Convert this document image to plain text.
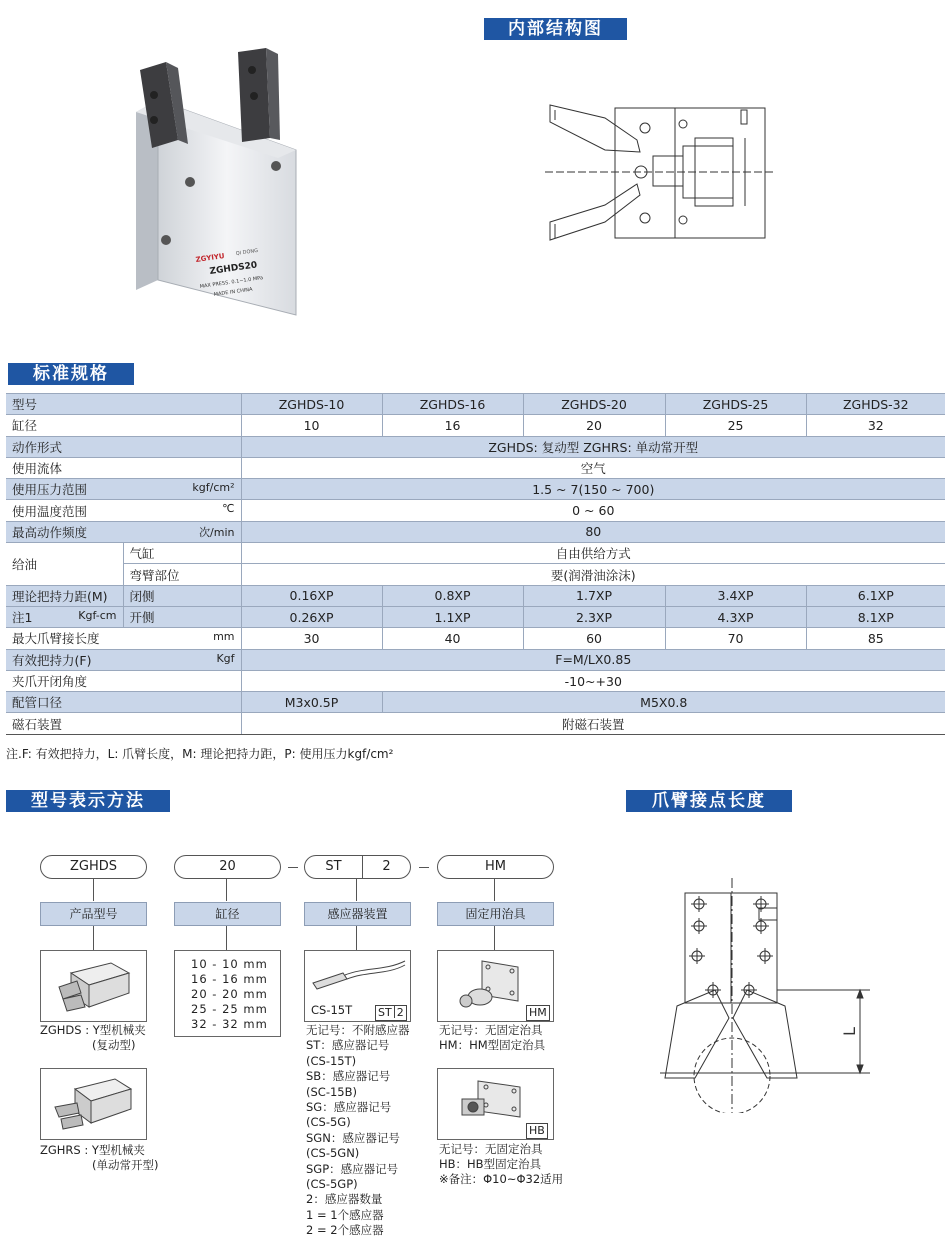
ZGYIYU QI DONG
ZGHDS20
MAX PRESS. 0.1~1.0 MPa
MADE IN CHINA
内部结构图
标准规格
型号		ZGHDS-10	ZGHDS-16	ZGHDS-20	ZGHDS-25	ZGHDS-32
缸径		10	16	20	25	32
动作形式		ZGHDS: 复动型 ZGHRS: 单动常开型				
使用流体		空气				
使用压力范围 kgf/cm²		1.5 ~ 7(150 ~ 700)				
使用温度范围 ℃		0 ~ 60				
最高动作频度 次/min		80				
给油	气缸	自由供给方式				
	弯臂部位	要(润滑油涂沫)				
理论把持力距(M)	闭侧	0.16XP	0.8XP	1.7XP	3.4XP	6.1XP
注1 Kgf-cm	开侧	0.26XP	1.1XP	2.3XP	4.3XP	8.1XP
最大爪臂接长度 mm		30	40	60	70	85
有效把持力(F) Kgf		F=M/LX0.85				
夹爪开闭角度		-10~+30				
配管口径		M3x0.5P	M5X0.8			
磁石装置		附磁石装置				
注.F: 有效把持力，L: 爪臂长度，M: 理论把持力距，P: 使用压力kgf/cm²
型号表示方法	爪臂接点长度
ZGHDS	20	ST	2	HM
产品型号	缸径	感应器装置	固定用治具
ZGHDS : Y型机械夹
(复动型)
ZGHRS : Y型机械夹
(单动常开型)
10 - 10 mm
16 - 16 mm
20 - 20 mm
25 - 25 mm
32 - 32 mm
CS-15T ST 2
无记号：不附感应器
ST：感应器记号
(CS-15T)
SB：感应器记号
(SC-15B)
SG：感应器记号
(CS-5G)
SGN：感应器记号
(CS-5GN)
SGP：感应器记号
(CS-5GP)
2：感应器数量
1 = 1个感应器
2 = 2个感应器
HM
无记号：无固定治具
HM：HM型固定治具
HB
无记号：无固定治具
HB：HB型固定治具
※备注：Φ10~Φ32适用
L
